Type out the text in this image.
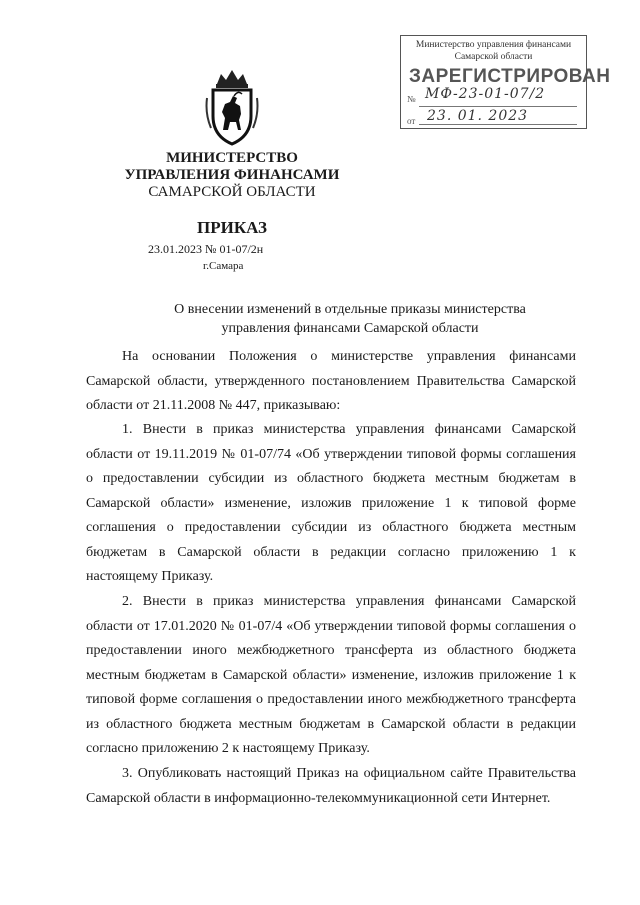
Министерство управления финансами
Самарской области
ЗАРЕГИСТРИРОВАН
№ МФ-23-01-07/2
от 23. 01. 2023
МИНИСТЕРСТВО
УПРАВЛЕНИЯ ФИНАНСАМИ
САМАРСКОЙ ОБЛАСТИ
ПРИКАЗ
23.01.2023 № 01-07/2н
г.Самара
О внесении изменений в отдельные приказы министерства
управления финансами Самарской области
На основании Положения о министерстве управления финансами Самарской области, утвержденного постановлением Правительства Самарской области от 21.11.2008 № 447, приказываю:
1. Внести в приказ министерства управления финансами Самарской области от 19.11.2019 № 01-07/74 «Об утверждении типовой формы соглашения о предоставлении субсидии из областного бюджета местным бюджетам в Самарской области» изменение, изложив приложение 1 к типовой форме соглашения о предоставлении субсидии из областного бюджета местным бюджетам в Самарской области в редакции согласно приложению 1 к настоящему Приказу.
2. Внести в приказ министерства управления финансами Самарской области от 17.01.2020 № 01-07/4 «Об утверждении типовой формы соглашения о предоставлении иного межбюджетного трансферта из областного бюджета местным бюджетам в Самарской области» изменение, изложив приложение 1 к типовой форме соглашения о предоставлении иного межбюджетного трансферта из областного бюджета местным бюджетам в Самарской области в редакции согласно приложению 2 к настоящему Приказу.
3. Опубликовать настоящий Приказ на официальном сайте Правительства Самарской области в информационно-телекоммуникационной сети Интернет.
